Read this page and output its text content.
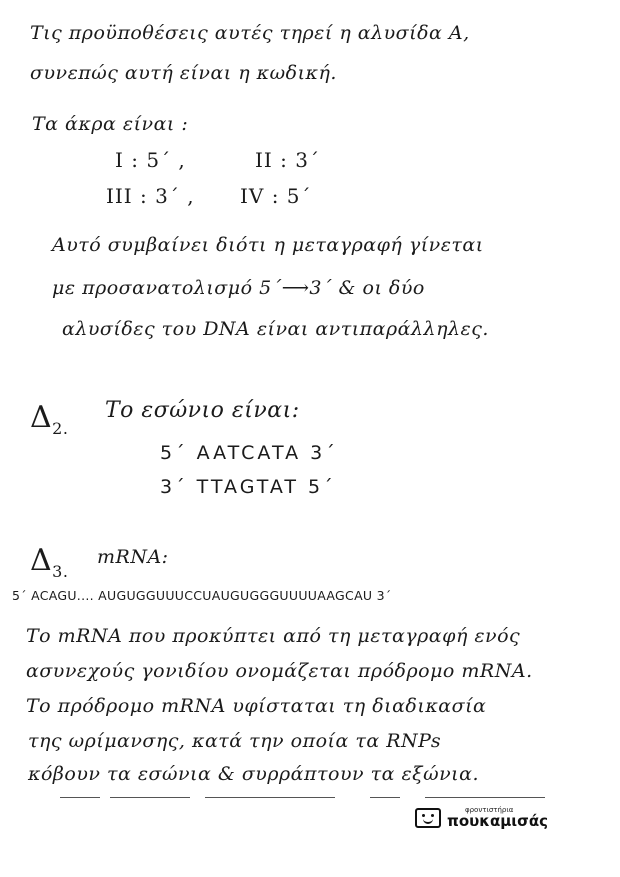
Τις προϋποθέσεις αυτές τηρεί η αλυσίδα Α,
συνεπώς αυτή είναι η κωδική.
Τα άκρα είναι :
I : 5΄ ,	II : 3΄
III : 3΄ , IV : 5΄
Αυτό συμβαίνει διότι η μεταγραφή γίνεται
με προσανατολισμό 5΄⟶3΄ & οι δύο
αλυσίδες του DNA είναι αντιπαράλληλες.
$\Delta_{2.}$
Το εσώνιο είναι:
5΄ AATCATA 3΄
3΄ TTAGTAT 5΄
$\Delta_{3.}$
mRNA:
5΄ ACAGU.... AUGUGGUUUCCUAUGUGGGUUUUAAGCAU 3΄
Το mRNA που προκύπτει από τη μεταγραφή ενός
ασυνεχούς γονιδίου ονομάζεται πρόδρομο mRNA.
Το πρόδρομο mRNA υφίσταται τη διαδικασία
της ωρίμανσης, κατά την οποία τα RNPs
κόβουν τα εσώνια & συρράπτουν τα εξώνια.
φροντιστήρια
πουκαμισάς
